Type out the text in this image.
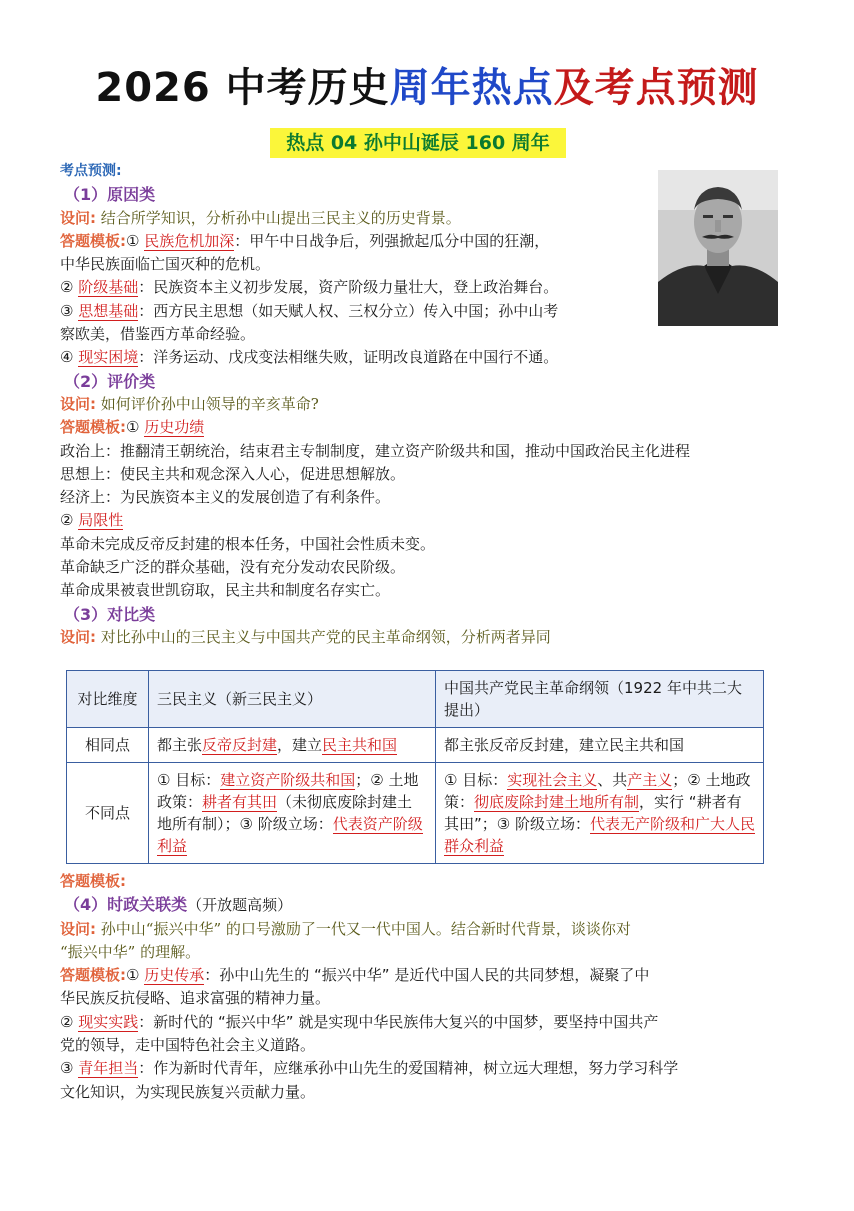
2026 中考历史周年热点及考点预测
热点 04 孙中山诞辰 160 周年
考点预测:
（1）原因类
设问: 结合所学知识，分析孙中山提出三民主义的历史背景。
答题模板:① 民族危机加深：甲午中日战争后，列强掀起瓜分中国的狂潮，
中华民族面临亡国灭种的危机。
② 阶级基础：民族资本主义初步发展，资产阶级力量壮大，登上政治舞台。
③ 思想基础：西方民主思想（如天赋人权、三权分立）传入中国；孙中山考
察欧美，借鉴西方革命经验。
④ 现实困境：洋务运动、戊戌变法相继失败，证明改良道路在中国行不通。
（2）评价类
设问: 如何评价孙中山领导的辛亥革命?
答题模板:① 历史功绩
政治上：推翻清王朝统治，结束君主专制制度，建立资产阶级共和国，推动中国政治民主化进程
思想上：使民主共和观念深入人心，促进思想解放。
经济上：为民族资本主义的发展创造了有利条件。
② 局限性
革命未完成反帝反封建的根本任务，中国社会性质未变。
革命缺乏广泛的群众基础，没有充分发动农民阶级。
革命成果被袁世凯窃取，民主共和制度名存实亡。
（3）对比类
设问: 对比孙中山的三民主义与中国共产党的民主革命纲领，分析两者异同
对比维度	三民主义（新三民主义）	中国共产党民主革命纲领（1922 年中共二大提出）
相同点	都主张反帝反封建，建立民主共和国	都主张反帝反封建，建立民主共和国
不同点	① 目标：建立资产阶级共和国；② 土地政策：耕者有其田（未彻底废除封建土地所有制）；③ 阶级立场：代表资产阶级利益	① 目标：实现社会主义、共产主义；② 土地政策：彻底废除封建土地所有制，实行 “耕者有其田”；③ 阶级立场：代表无产阶级和广大人民群众利益
答题模板:
（4）时政关联类（开放题高频）
设问: 孙中山“振兴中华” 的口号激励了一代又一代中国人。结合新时代背景，谈谈你对
“振兴中华” 的理解。
答题模板:① 历史传承：孙中山先生的 “振兴中华” 是近代中国人民的共同梦想，凝聚了中
华民族反抗侵略、追求富强的精神力量。
② 现实实践：新时代的 “振兴中华” 就是实现中华民族伟大复兴的中国梦，要坚持中国共产
党的领导，走中国特色社会主义道路。
③ 青年担当：作为新时代青年，应继承孙中山先生的爱国精神，树立远大理想，努力学习科学
文化知识，为实现民族复兴贡献力量。
